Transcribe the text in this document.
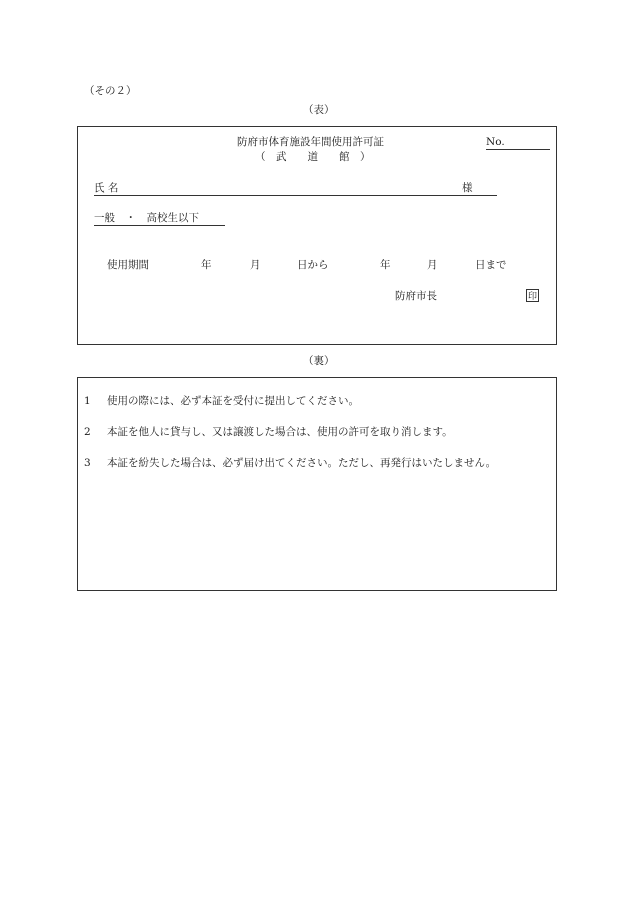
（その２）
（表）
防府市体育施設年間使用許可証
（　武　　道　　館　）
No.
氏 名	様
一般　・　高校生以下
使用期間	年	月	日から	年	月	日まで
防府市長	印
（裏）
1 使用の際には、必ず本証を受付に提出してください。
2 本証を他人に貸与し、又は譲渡した場合は、使用の許可を取り消します。
3 本証を紛失した場合は、必ず届け出てください。ただし、再発行はいたしません。
